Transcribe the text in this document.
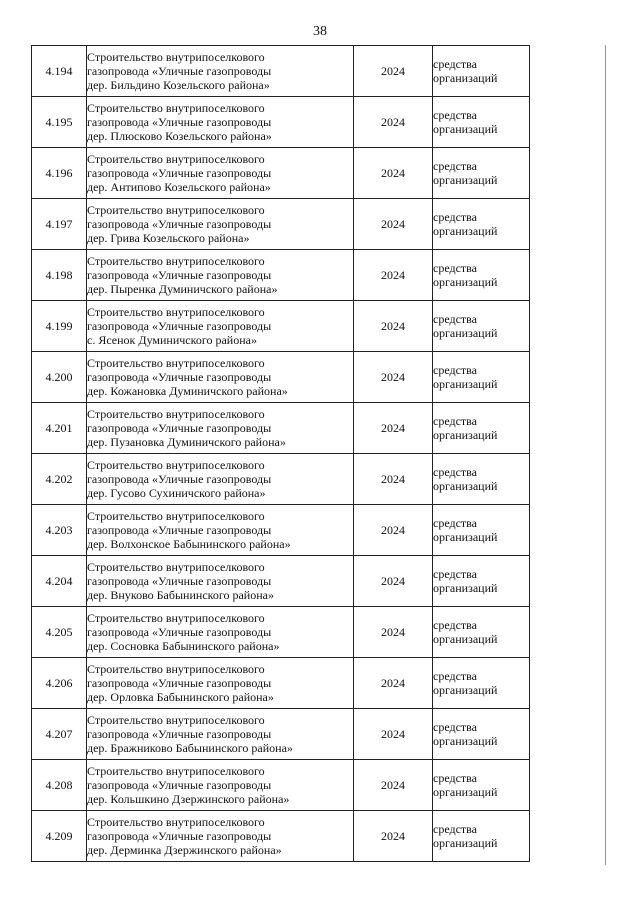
38
4.194	Строительство внутрипоселкового
газопровода «Уличные газопроводы
дер. Бильдино Козельского района»	2024	средства
организаций

4.195	Строительство внутрипоселкового
газопровода «Уличные газопроводы
дер. Плюсково Козельского района»	2024	средства
организаций

4.196	Строительство внутрипоселкового
газопровода «Уличные газопроводы
дер. Антипово Козельского района»	2024	средства
организаций

4.197	Строительство внутрипоселкового
газопровода «Уличные газопроводы
дер. Грива Козельского района»	2024	средства
организаций

4.198	Строительство внутрипоселкового
газопровода «Уличные газопроводы
дер. Пыренка Думиничского района»	2024	средства
организаций

4.199	Строительство внутрипоселкового
газопровода «Уличные газопроводы
с. Ясенок Думиничского района»	2024	средства
организаций

4.200	Строительство внутрипоселкового
газопровода «Уличные газопроводы
дер. Кожановка Думиничского района»	2024	средства
организаций

4.201	Строительство внутрипоселкового
газопровода «Уличные газопроводы
дер. Пузановка Думиничского района»	2024	средства
организаций

4.202	Строительство внутрипоселкового
газопровода «Уличные газопроводы
дер. Гусово Сухиничского района»	2024	средства
организаций

4.203	Строительство внутрипоселкового
газопровода «Уличные газопроводы
дер. Волхонское Бабынинского района»	2024	средства
организаций

4.204	Строительство внутрипоселкового
газопровода «Уличные газопроводы
дер. Внуково Бабынинского района»	2024	средства
организаций

4.205	Строительство внутрипоселкового
газопровода «Уличные газопроводы
дер. Сосновка Бабынинского района»	2024	средства
организаций

4.206	Строительство внутрипоселкового
газопровода «Уличные газопроводы
дер. Орловка Бабынинского района»	2024	средства
организаций

4.207	Строительство внутрипоселкового
газопровода «Уличные газопроводы
дер. Бражниково Бабынинского района»	2024	средства
организаций

4.208	Строительство внутрипоселкового
газопровода «Уличные газопроводы
дер. Кольшкино Дзержинского района»	2024	средства
организаций

4.209	Строительство внутрипоселкового
газопровода «Уличные газопроводы
дер. Дерминка Дзержинского района»	2024	средства
организаций
